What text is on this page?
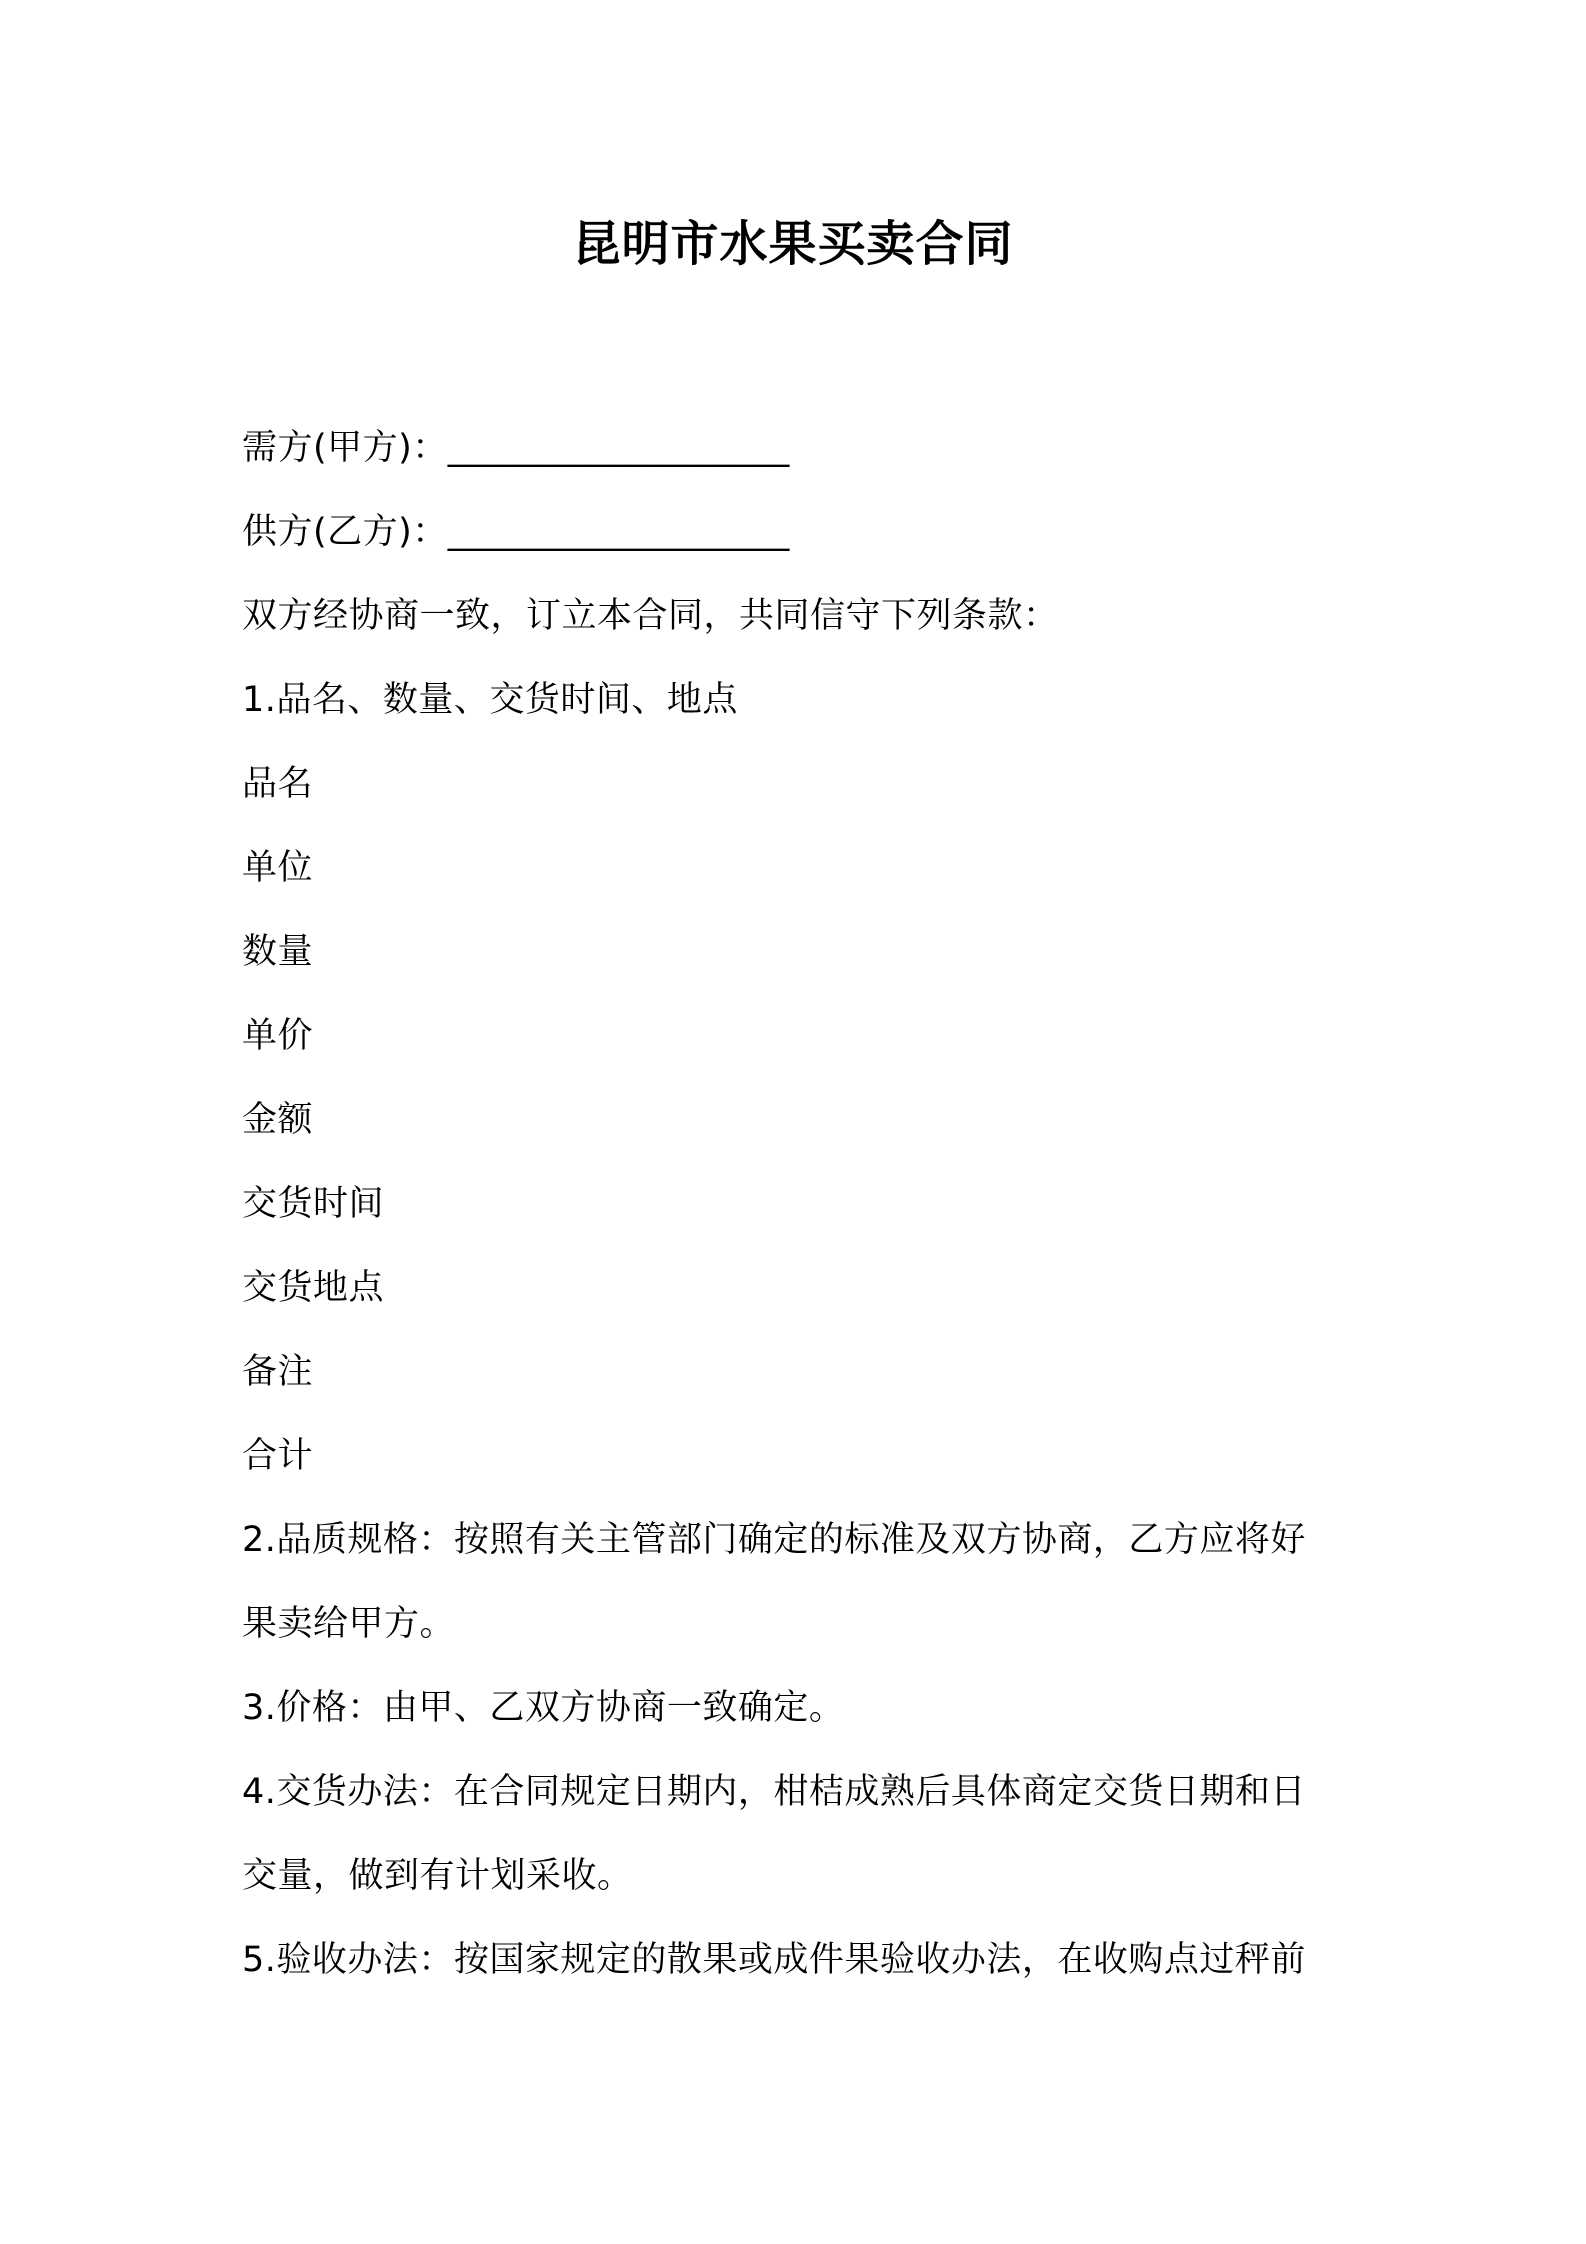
昆明市水果买卖合同
需方(甲方)：___________________
供方(乙方)：___________________
双方经协商一致，订立本合同，共同信守下列条款：
1.品名、数量、交货时间、地点
品名
单位
数量
单价
金额
交货时间
交货地点
备注
合计
2.品质规格：按照有关主管部门确定的标准及双方协商，乙方应将好
果卖给甲方。
3.价格：由甲、乙双方协商一致确定。
4.交货办法：在合同规定日期内，柑桔成熟后具体商定交货日期和日
交量，做到有计划采收。
5.验收办法：按国家规定的散果或成件果验收办法，在收购点过秤前
